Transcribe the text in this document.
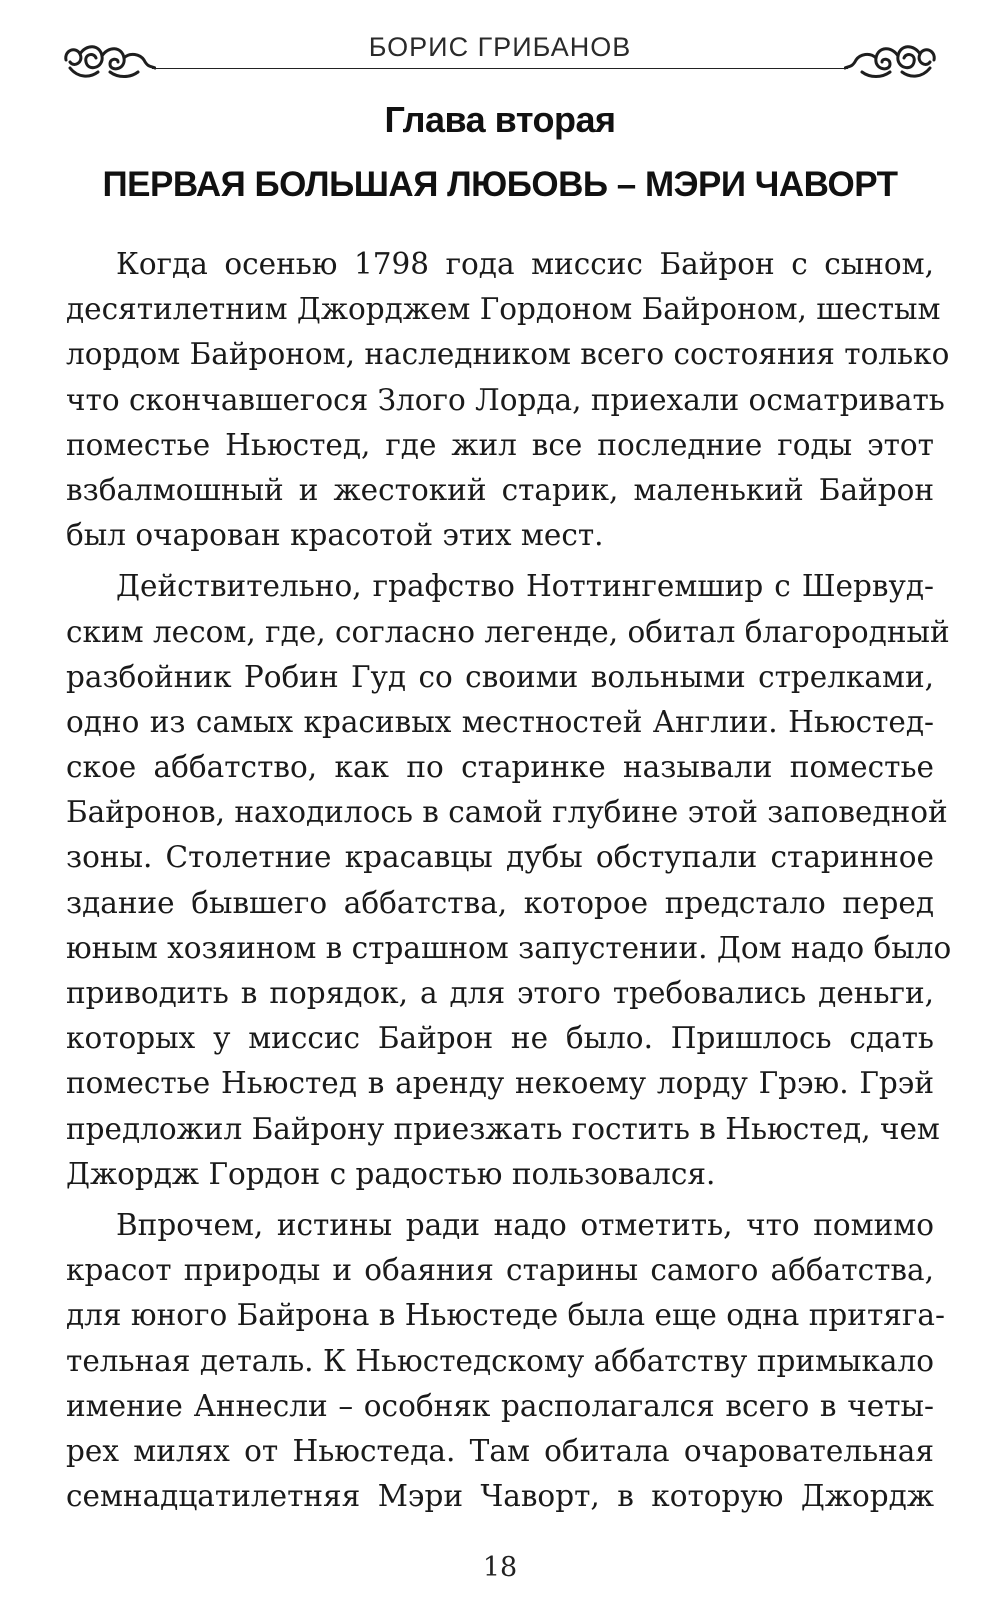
БОРИС ГРИБАНОВ
Глава вторая
ПЕРВАЯ БОЛЬШАЯ ЛЮБОВЬ – МЭРИ ЧАВОРТ
Когда осенью 1798 года миссис Байрон с сыном,
десятилетним Джорджем Гордоном Байроном, шестым
лордом Байроном, наследником всего состояния только
что скончавшегося Злого Лорда, приехали осматривать
поместье Ньюстед, где жил все последние годы этот
взбалмошный и жестокий старик, маленький Байрон
был очарован красотой этих мест.
Действительно, графство Ноттингемшир с Шервуд-
ским лесом, где, согласно легенде, обитал благородный
разбойник Робин Гуд со своими вольными стрелками,
одно из самых красивых местностей Англии. Ньюстед-
ское аббатство, как по старинке называли поместье
Байронов, находилось в самой глубине этой заповедной
зоны. Столетние красавцы дубы обступали старинное
здание бывшего аббатства, которое предстало перед
юным хозяином в страшном запустении. Дом надо было
приводить в порядок, а для этого требовались деньги,
которых у миссис Байрон не было. Пришлось сдать
поместье Ньюстед в аренду некоему лорду Грэю. Грэй
предложил Байрону приезжать гостить в Ньюстед, чем
Джордж Гордон с радостью пользовался.
Впрочем, истины ради надо отметить, что помимо
красот природы и обаяния старины самого аббатства,
для юного Байрона в Ньюстеде была еще одна притяга-
тельная деталь. К Ньюстедскому аббатству примыкало
имение Аннесли – особняк располагался всего в четы-
рех милях от Ньюстеда. Там обитала очаровательная
семнадцатилетняя Мэри Чаворт, в которую Джордж
18
